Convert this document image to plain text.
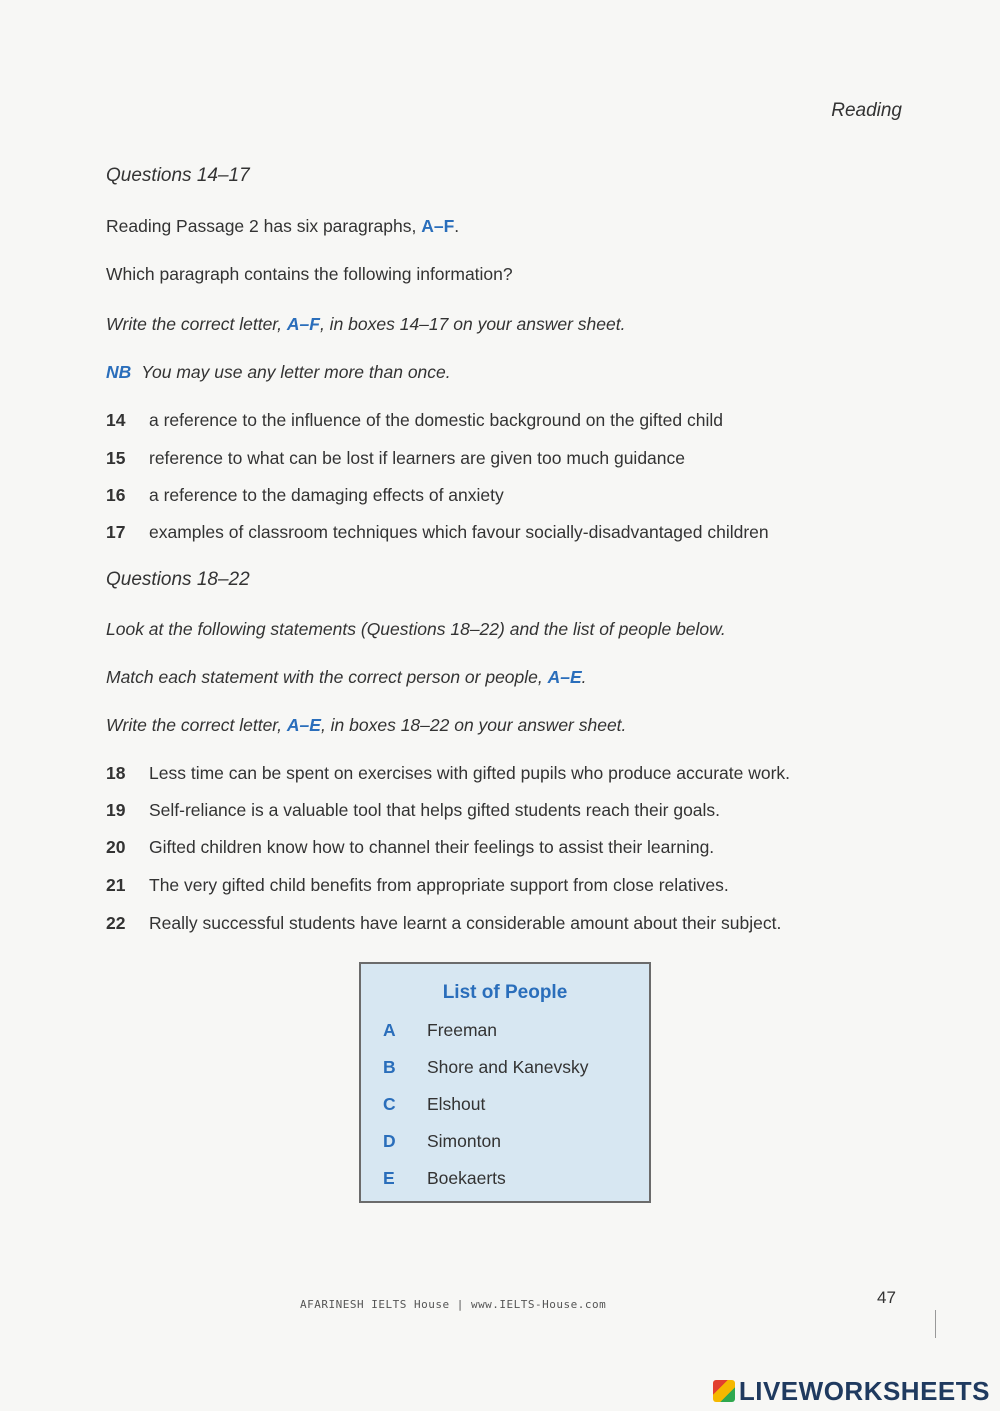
Reading
Questions 14–17
Reading Passage 2 has six paragraphs, A–F.
Which paragraph contains the following information?
Write the correct letter, A–F, in boxes 14–17 on your answer sheet.
NB You may use any letter more than once.
14 a reference to the influence of the domestic background on the gifted child
15 reference to what can be lost if learners are given too much guidance
16 a reference to the damaging effects of anxiety
17 examples of classroom techniques which favour socially-disadvantaged children
Questions 18–22
Look at the following statements (Questions 18–22) and the list of people below.
Match each statement with the correct person or people, A–E.
Write the correct letter, A–E, in boxes 18–22 on your answer sheet.
18 Less time can be spent on exercises with gifted pupils who produce accurate work.
19 Self-reliance is a valuable tool that helps gifted students reach their goals.
20 Gifted children know how to channel their feelings to assist their learning.
21 The very gifted child benefits from appropriate support from close relatives.
22 Really successful students have learnt a considerable amount about their subject.
List of People
A Freeman
B Shore and Kanevsky
C Elshout
D Simonton
E Boekaerts
AFARINESH IELTS House | www.IELTS-House.com	47
LIVEWORKSHEETS
